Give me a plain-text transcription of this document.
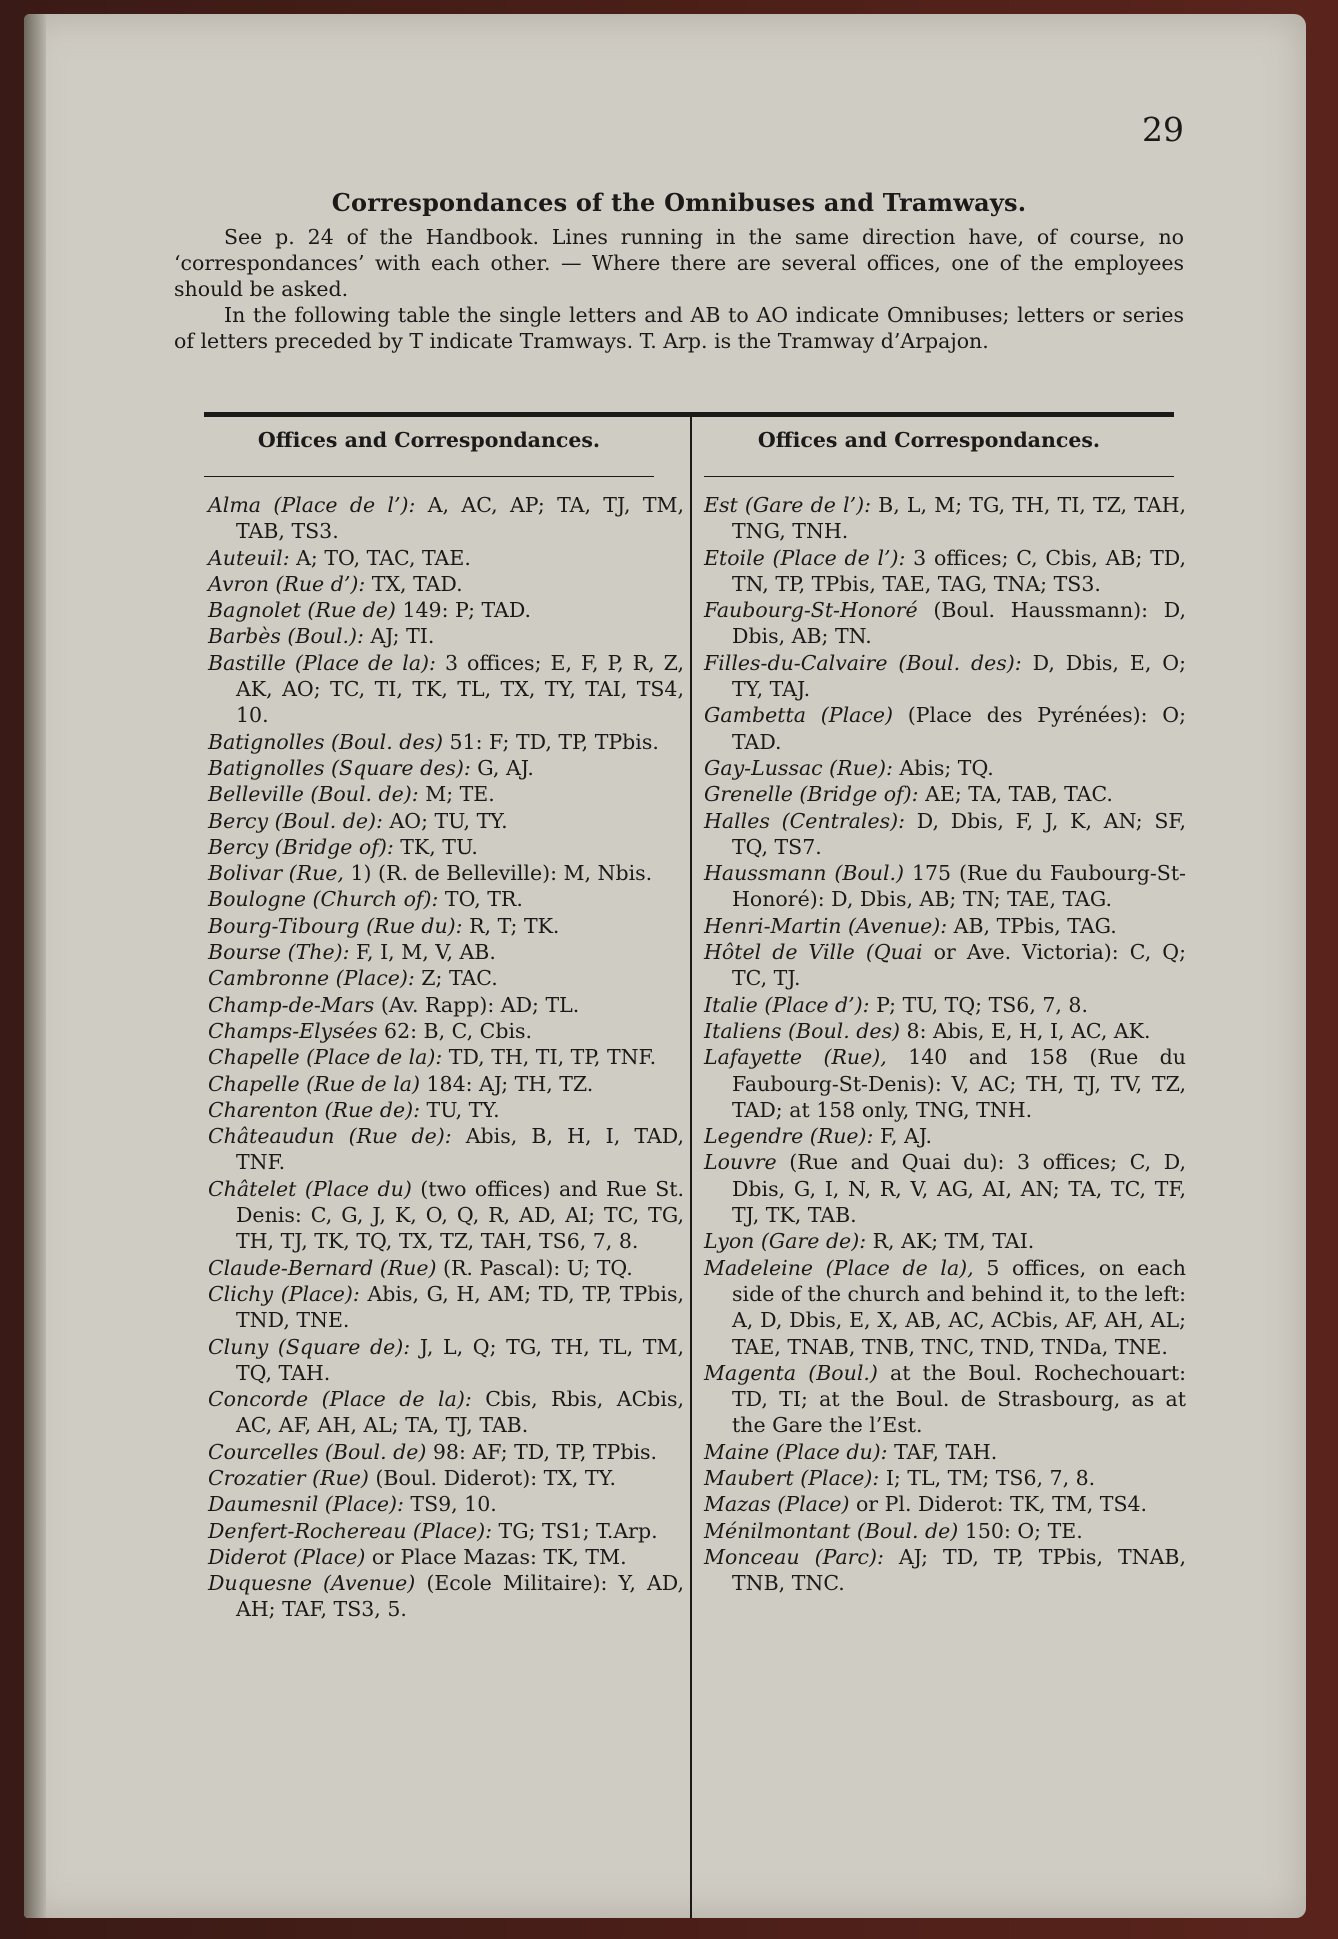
29
Correspondances of the Omnibuses and Tramways.

See p. 24 of the Handbook. Lines running in the same direction have, of course, no ‘correspondances’ with each other. — Where there are several offices, one of the employees should be asked.

In the following table the single letters and AB to AO indicate Omnibuses; letters or series of letters preceded by T indicate Tramways. T. Arp. is the Tramway d’Arpajon.

Offices and Correspondances.	Offices and Correspondances.

Alma (Place de l’): A, AC, AP; TA, TJ, TM, TAB, TS3.

Auteuil: A; TO, TAC, TAE.

Avron (Rue d’): TX, TAD.

Bagnolet (Rue de) 149: P; TAD.

Barbès (Boul.): AJ; TI.

Bastille (Place de la): 3 offices; E, F, P, R, Z, AK, AO; TC, TI, TK, TL, TX, TY, TAI, TS4, 10.

Batignolles (Boul. des) 51: F; TD, TP, TPbis.

Batignolles (Square des): G, AJ.

Belleville (Boul. de): M; TE.

Bercy (Boul. de): AO; TU, TY.

Bercy (Bridge of): TK, TU.

Bolivar (Rue, 1) (R. de Belleville): M, Nbis.

Boulogne (Church of): TO, TR.

Bourg-Tibourg (Rue du): R, T; TK.

Bourse (The): F, I, M, V, AB.

Cambronne (Place): Z; TAC.

Champ-de-Mars (Av. Rapp): AD; TL.

Champs-Elysées 62: B, C, Cbis.

Chapelle (Place de la): TD, TH, TI, TP, TNF.

Chapelle (Rue de la) 184: AJ; TH, TZ.

Charenton (Rue de): TU, TY.

Châteaudun (Rue de): Abis, B, H, I, TAD, TNF.

Châtelet (Place du) (two offices) and Rue St. Denis: C, G, J, K, O, Q, R, AD, AI; TC, TG, TH, TJ, TK, TQ, TX, TZ, TAH, TS6, 7, 8.

Claude-Bernard (Rue) (R. Pascal): U; TQ.

Clichy (Place): Abis, G, H, AM; TD, TP, TPbis, TND, TNE.

Cluny (Square de): J, L, Q; TG, TH, TL, TM, TQ, TAH.

Concorde (Place de la): Cbis, Rbis, ACbis, AC, AF, AH, AL; TA, TJ, TAB.

Courcelles (Boul. de) 98: AF; TD, TP, TPbis.

Crozatier (Rue) (Boul. Diderot): TX, TY.

Daumesnil (Place): TS9, 10.

Denfert-Rochereau (Place): TG; TS1; T.Arp.

Diderot (Place) or Place Mazas: TK, TM.

Duquesne (Avenue) (Ecole Militaire): Y, AD, AH; TAF, TS3, 5.

Est (Gare de l’): B, L, M; TG, TH, TI, TZ, TAH, TNG, TNH.

Etoile (Place de l’): 3 offices; C, Cbis, AB; TD, TN, TP, TPbis, TAE, TAG, TNA; TS3.

Faubourg-St-Honoré (Boul. Haussmann): D, Dbis, AB; TN.

Filles-du-Calvaire (Boul. des): D, Dbis, E, O; TY, TAJ.

Gambetta (Place) (Place des Pyrénées): O; TAD.

Gay-Lussac (Rue): Abis; TQ.

Grenelle (Bridge of): AE; TA, TAB, TAC.

Halles (Centrales): D, Dbis, F, J, K, AN; SF, TQ, TS7.

Haussmann (Boul.) 175 (Rue du Faubourg-St-Honoré): D, Dbis, AB; TN; TAE, TAG.

Henri-Martin (Avenue): AB, TPbis, TAG.

Hôtel de Ville (Quai or Ave. Victoria): C, Q; TC, TJ.

Italie (Place d’): P; TU, TQ; TS6, 7, 8.

Italiens (Boul. des) 8: Abis, E, H, I, AC, AK.

Lafayette (Rue), 140 and 158 (Rue du Faubourg-St-Denis): V, AC; TH, TJ, TV, TZ, TAD; at 158 only, TNG, TNH.

Legendre (Rue): F, AJ.

Louvre (Rue and Quai du): 3 offices; C, D, Dbis, G, I, N, R, V, AG, AI, AN; TA, TC, TF, TJ, TK, TAB.

Lyon (Gare de): R, AK; TM, TAI.

Madeleine (Place de la), 5 offices, on each side of the church and behind it, to the left: A, D, Dbis, E, X, AB, AC, ACbis, AF, AH, AL; TAE, TNAB, TNB, TNC, TND, TNDa, TNE.

Magenta (Boul.) at the Boul. Rochechouart: TD, TI; at the Boul. de Strasbourg, as at the Gare the l’Est.

Maine (Place du): TAF, TAH.

Maubert (Place): I; TL, TM; TS6, 7, 8.

Mazas (Place) or Pl. Diderot: TK, TM, TS4.

Ménilmontant (Boul. de) 150: O; TE.

Monceau (Parc): AJ; TD, TP, TPbis, TNAB, TNB, TNC.
